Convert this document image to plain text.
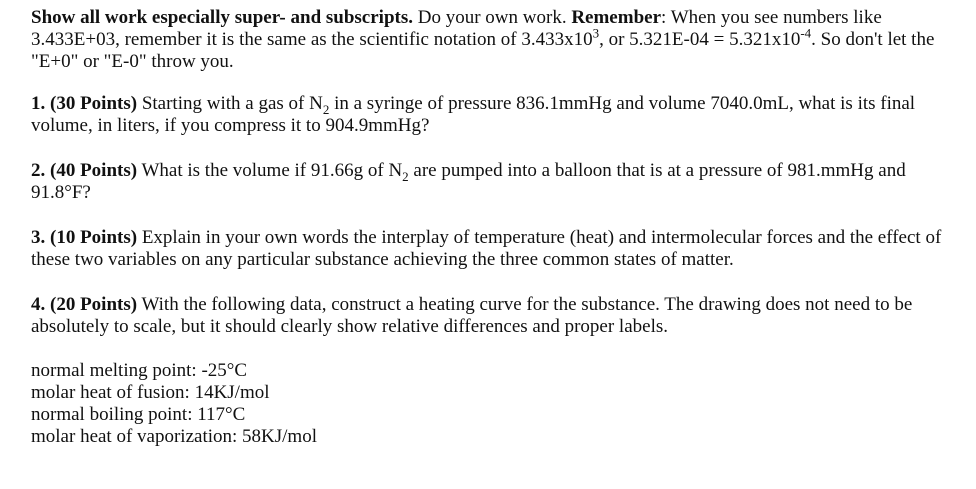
Show all work especially super- and subscripts. Do your own work. Remember: When you see numbers like 3.433E+03, remember it is the same as the scientific notation of $3.433x10^3$, or $5.321E-04 = 5.321x10^{-4}$. So don't let the "E+0" or "E-0" throw you.

1. (30 Points) Starting with a gas of $N_2$ in a syringe of pressure 836.1mmHg and volume 7040.0mL, what is its final volume, in liters, if you compress it to 904.9mmHg?

2. (40 Points) What is the volume if 91.66g of $N_2$ are pumped into a balloon that is at a pressure of 981.mmHg and 91.8°F?

3. (10 Points) Explain in your own words the interplay of temperature (heat) and intermolecular forces and the effect of these two variables on any particular substance achieving the three common states of matter.

4. (20 Points) With the following data, construct a heating curve for the substance. The drawing does not need to be absolutely to scale, but it should clearly show relative differences and proper labels.

normal melting point: -25°C
molar heat of fusion: 14KJ/mol
normal boiling point: 117°C
molar heat of vaporization: 58KJ/mol
